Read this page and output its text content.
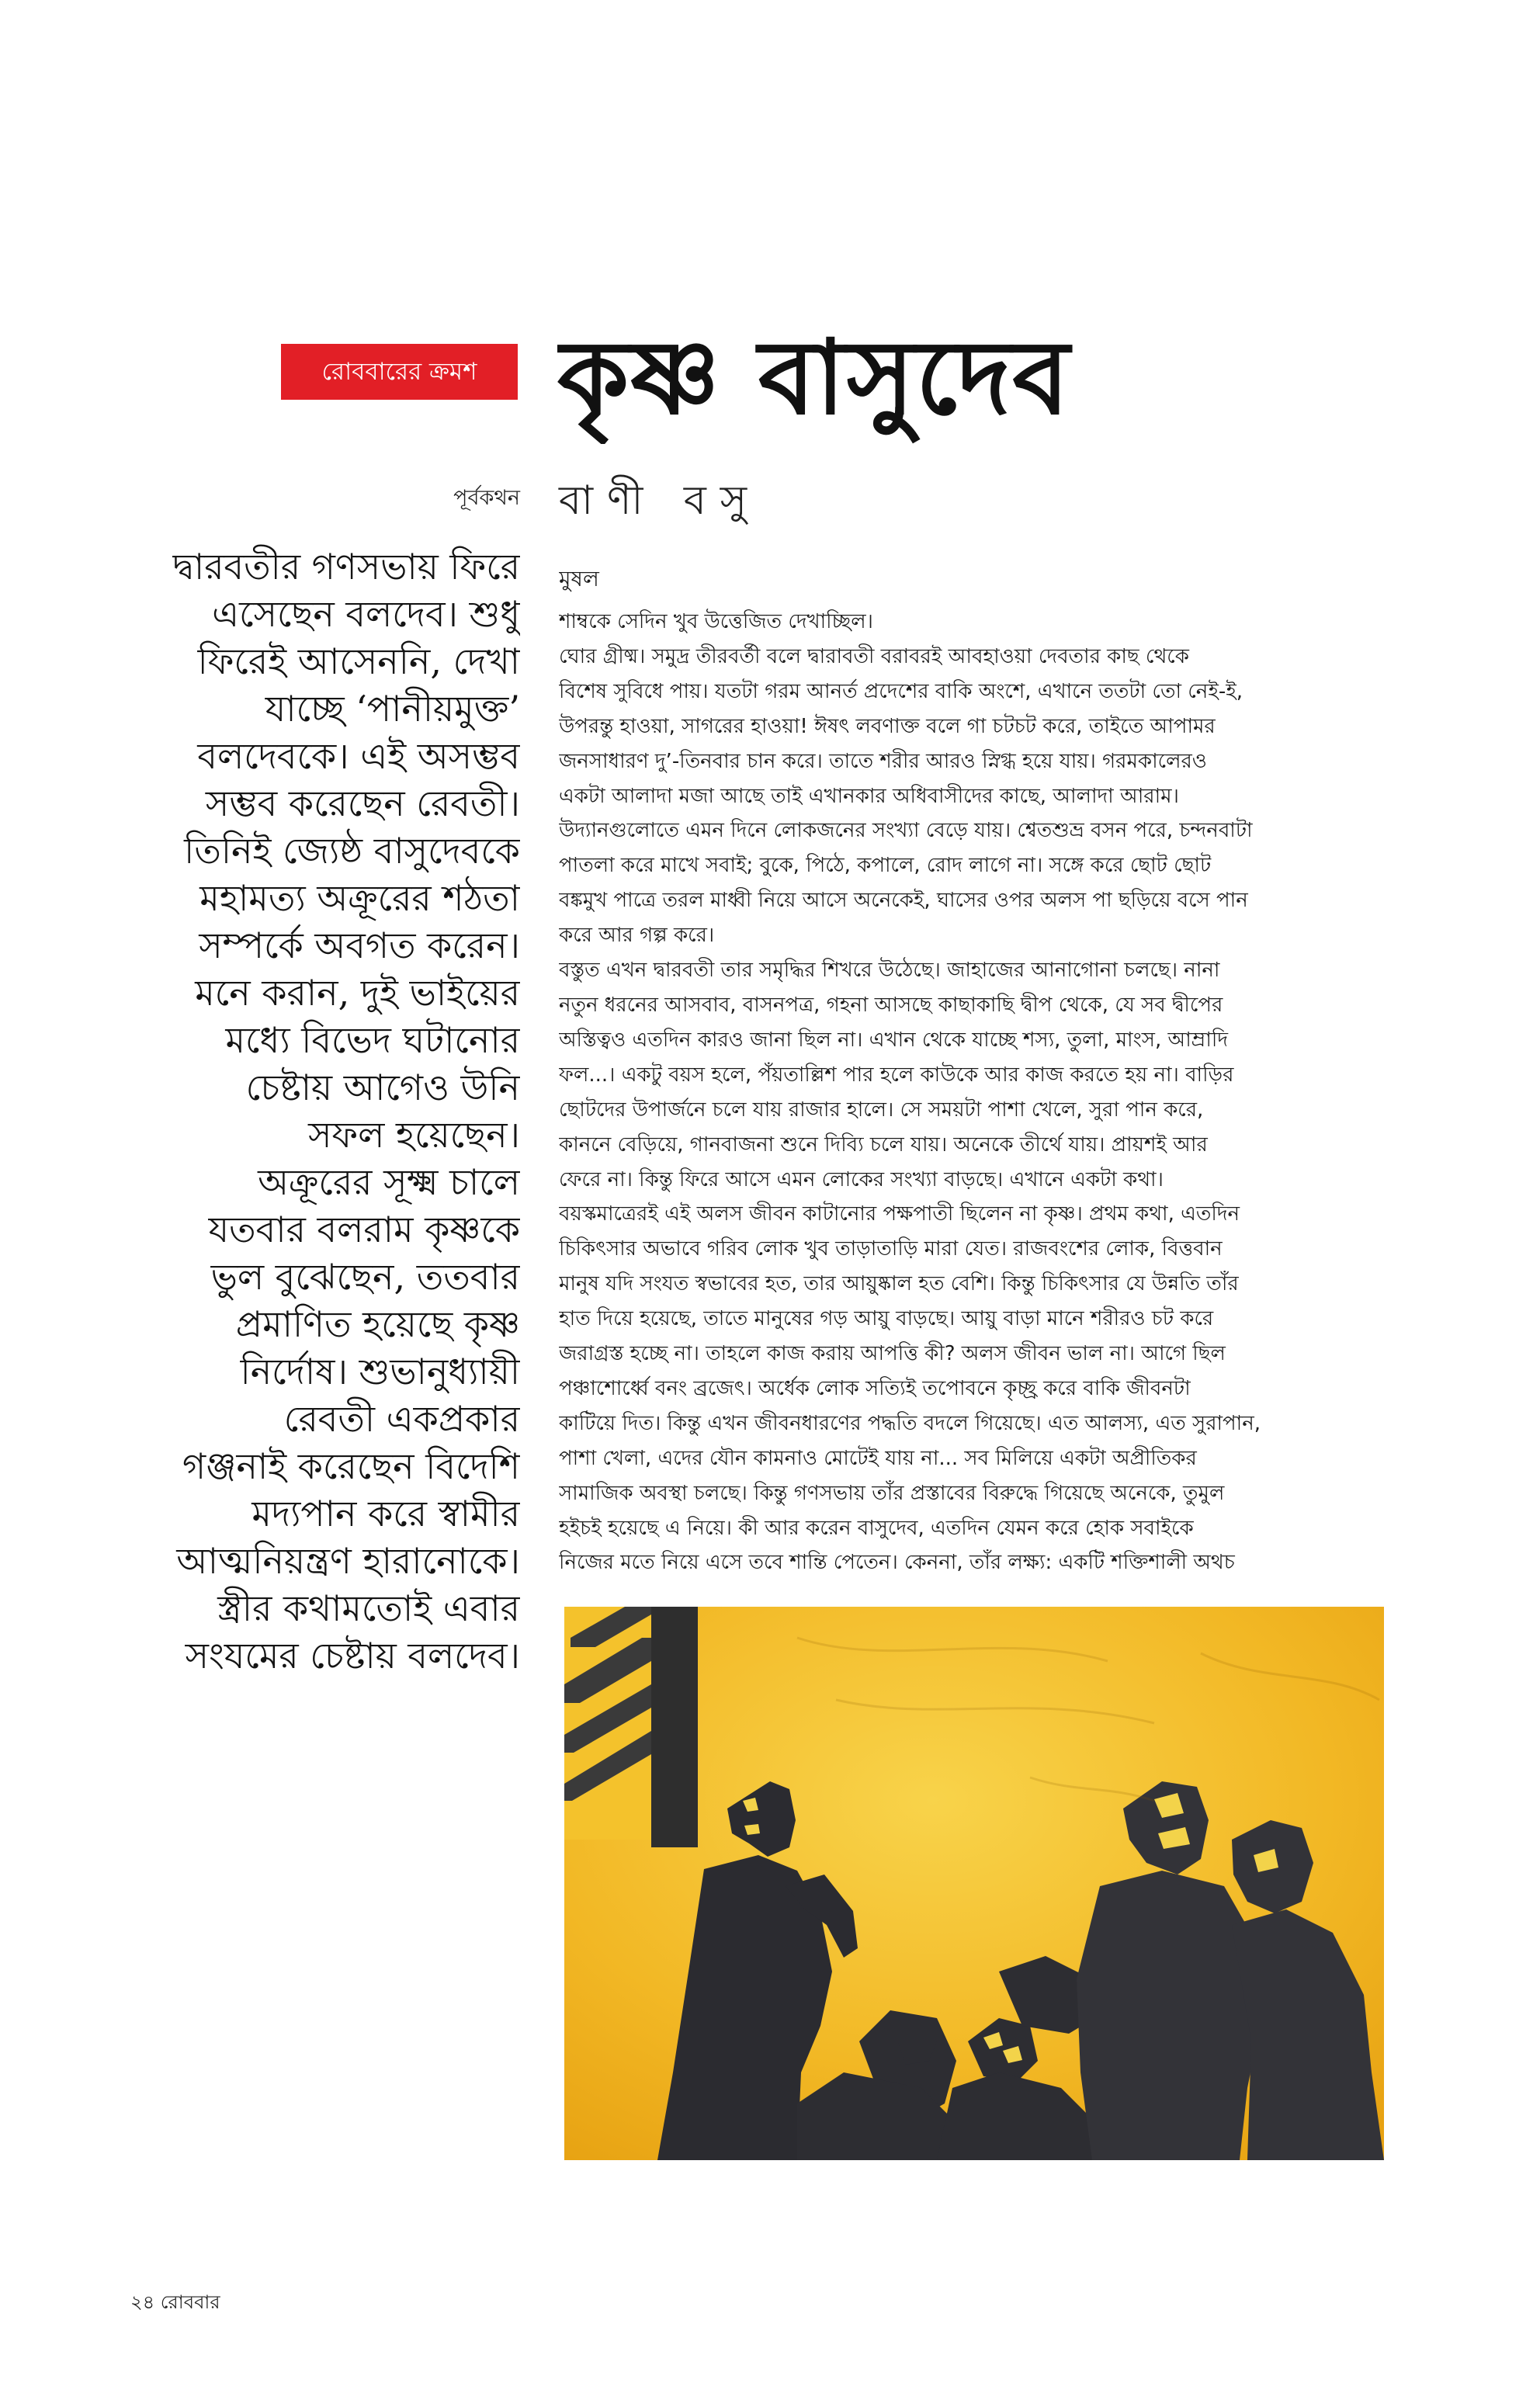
রোববারের ক্রমশ কৃষ্ণ বাসুদেব
পূর্বকথন বাণী বসু
দ্বারবতীর গণসভায় ফিরে
এসেছেন বলদেব। শুধু
ফিরেই আসেননি, দেখা
যাচ্ছে ‘পানীয়মুক্ত’
বলদেবকে। এই অসম্ভব
সম্ভব করেছেন রেবতী।
তিনিই জ্যেষ্ঠ বাসুদেবকে
মহামত্য অক্রূরের শঠতা
সম্পর্কে অবগত করেন।
মনে করান, দুই ভাইয়ের
মধ্যে বিভেদ ঘটানোর
চেষ্টায় আগেও উনি
সফল হয়েছেন।
অক্রূরের সূক্ষ্ম চালে
যতবার বলরাম কৃষ্ণকে
ভুল বুঝেছেন, ততবার
প্রমাণিত হয়েছে কৃষ্ণ
নির্দোষ। শুভানুধ্যায়ী
রেবতী একপ্রকার
গঞ্জনাই করেছেন বিদেশি
মদ্যপান করে স্বামীর
আত্মনিয়ন্ত্রণ হারানোকে।
স্ত্রীর কথামতোই এবার
সংযমের চেষ্টায় বলদেব।
মুষল
শাম্বকে সেদিন খুব উত্তেজিত দেখাচ্ছিল।
ঘোর গ্রীষ্ম। সমুদ্র তীরবর্তী বলে দ্বারাবতী বরাবরই আবহাওয়া দেবতার কাছ থেকে
বিশেষ সুবিধে পায়। যতটা গরম আনর্ত প্রদেশের বাকি অংশে, এখানে ততটা তো নেই-ই,
উপরন্তু হাওয়া, সাগরের হাওয়া! ঈষৎ লবণাক্ত বলে গা চটচট করে, তাইতে আপামর
জনসাধারণ দু’-তিনবার চান করে। তাতে শরীর আরও স্নিগ্ধ হয়ে যায়। গরমকালেরও
একটা আলাদা মজা আছে তাই এখানকার অধিবাসীদের কাছে, আলাদা আরাম।
উদ্যানগুলোতে এমন দিনে লোকজনের সংখ্যা বেড়ে যায়। শ্বেতশুভ্র বসন পরে, চন্দনবাটা
পাতলা করে মাখে সবাই; বুকে, পিঠে, কপালে, রোদ লাগে না। সঙ্গে করে ছোট ছোট
বঙ্কমুখ পাত্রে তরল মাধ্বী নিয়ে আসে অনেকেই, ঘাসের ওপর অলস পা ছড়িয়ে বসে পান
করে আর গল্প করে।
বস্তুত এখন দ্বারবতী তার সমৃদ্ধির শিখরে উঠেছে। জাহাজের আনাগোনা চলছে। নানা
নতুন ধরনের আসবাব, বাসনপত্র, গহনা আসছে কাছাকাছি দ্বীপ থেকে, যে সব দ্বীপের
অস্তিত্বও এতদিন কারও জানা ছিল না। এখান থেকে যাচ্ছে শস্য, তুলা, মাংস, আম্রাদি
ফল...। একটু বয়স হলে, পঁয়তাল্লিশ পার হলে কাউকে আর কাজ করতে হয় না। বাড়ির
ছোটদের উপার্জনে চলে যায় রাজার হালে। সে সময়টা পাশা খেলে, সুরা পান করে,
কাননে বেড়িয়ে, গানবাজনা শুনে দিব্যি চলে যায়। অনেকে তীর্থে যায়। প্রায়শই আর
ফেরে না। কিন্তু ফিরে আসে এমন লোকের সংখ্যা বাড়ছে। এখানে একটা কথা।
বয়স্কমাত্রেরই এই অলস জীবন কাটানোর পক্ষপাতী ছিলেন না কৃষ্ণ। প্রথম কথা, এতদিন
চিকিৎসার অভাবে গরিব লোক খুব তাড়াতাড়ি মারা যেত। রাজবংশের লোক, বিত্তবান
মানুষ যদি সংযত স্বভাবের হত, তার আয়ুষ্কাল হত বেশি। কিন্তু চিকিৎসার যে উন্নতি তাঁর
হাত দিয়ে হয়েছে, তাতে মানুষের গড় আয়ু বাড়ছে। আয়ু বাড়া মানে শরীরও চট করে
জরাগ্রস্ত হচ্ছে না। তাহলে কাজ করায় আপত্তি কী? অলস জীবন ভাল না। আগে ছিল
পঞ্চাশোর্ধ্বে বনং ব্রজেৎ। অর্ধেক লোক সত্যিই তপোবনে কৃচ্ছ্র করে বাকি জীবনটা
কাটিয়ে দিত। কিন্তু এখন জীবনধারণের পদ্ধতি বদলে গিয়েছে। এত আলস্য, এত সুরাপান,
পাশা খেলা, এদের যৌন কামনাও মোটেই যায় না... সব মিলিয়ে একটা অপ্রীতিকর
সামাজিক অবস্থা চলছে। কিন্তু গণসভায় তাঁর প্রস্তাবের বিরুদ্ধে গিয়েছে অনেকে, তুমুল
হইচই হয়েছে এ নিয়ে। কী আর করেন বাসুদেব, এতদিন যেমন করে হোক সবাইকে
নিজের মতে নিয়ে এসে তবে শান্তি পেতেন। কেননা, তাঁর লক্ষ্য: একটি শক্তিশালী অথচ
২৪ রোববার
